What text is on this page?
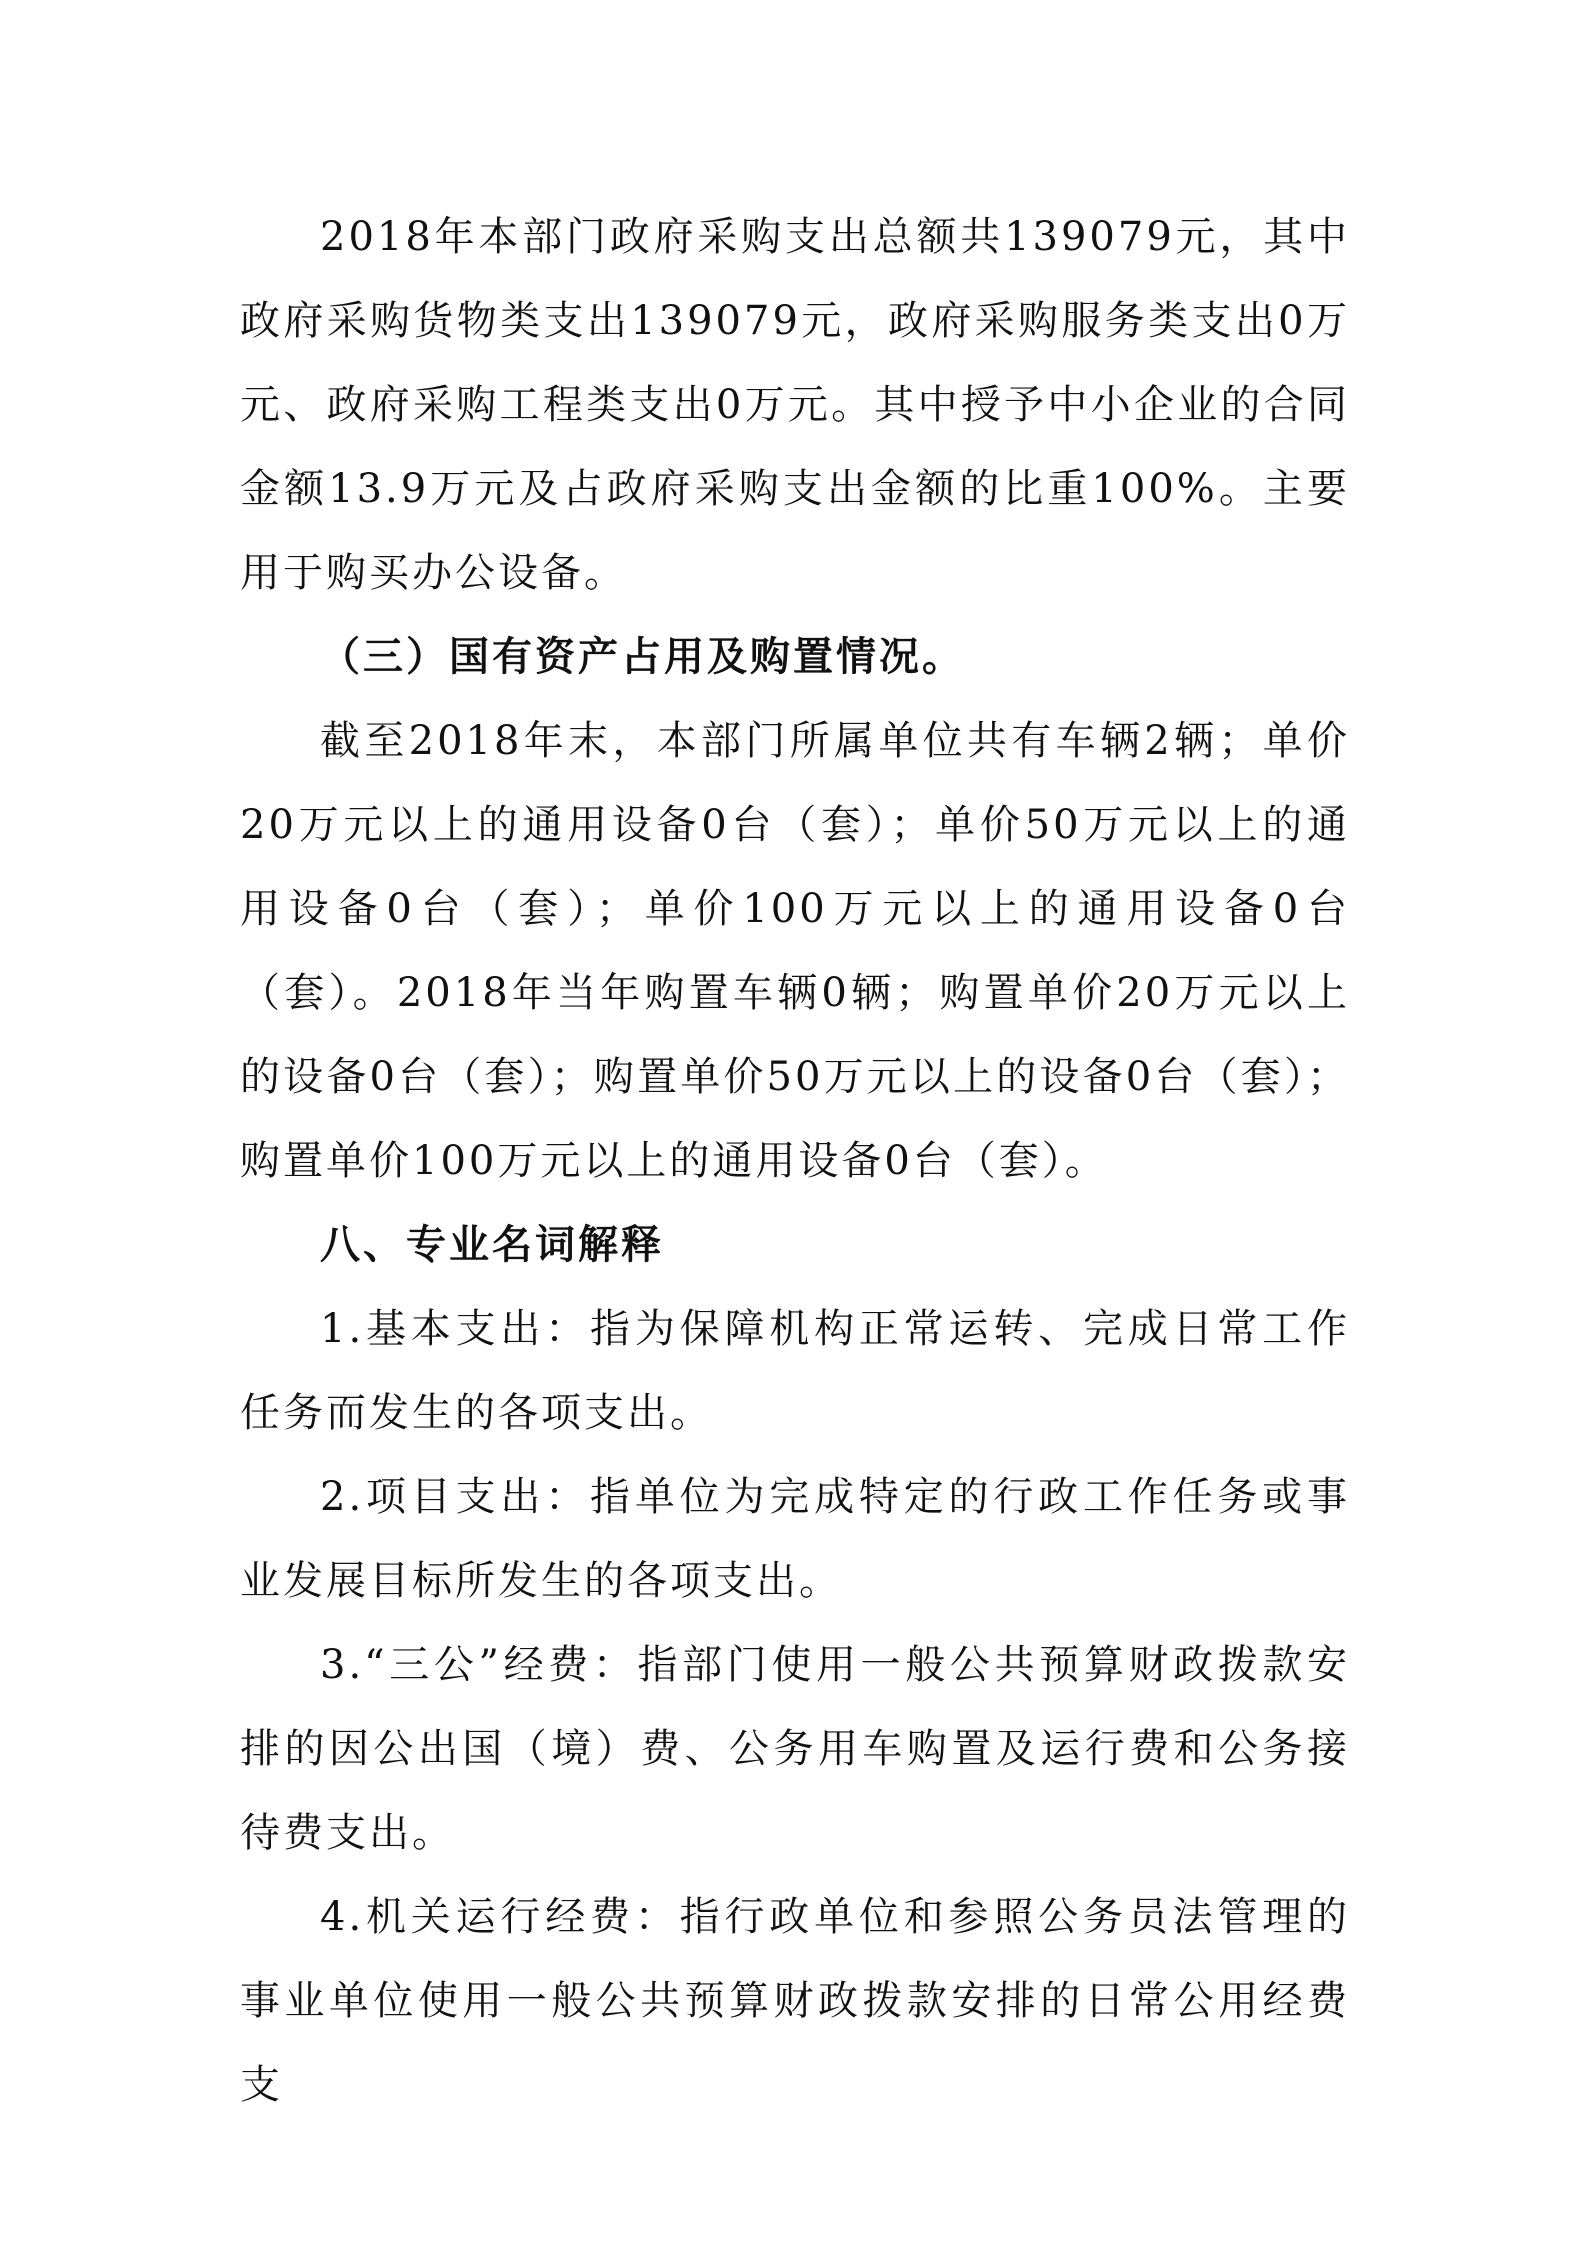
2018年本部门政府采购支出总额共139079元，其中政府采购货物类支出139079元，政府采购服务类支出0万元、政府采购工程类支出0万元。其中授予中小企业的合同金额13.9万元及占政府采购支出金额的比重100%。主要用于购买办公设备。

（三）国有资产占用及购置情况。

截至2018年末，本部门所属单位共有车辆2辆；单价20万元以上的通用设备0台（套）；单价50万元以上的通用设备0台（套）；单价100万元以上的通用设备0台（套）。2018年当年购置车辆0辆；购置单价20万元以上的设备0台（套）；购置单价50万元以上的设备0台（套）；购置单价100万元以上的通用设备0台（套）。

八、专业名词解释

1.基本支出：指为保障机构正常运转、完成日常工作任务而发生的各项支出。

2.项目支出：指单位为完成特定的行政工作任务或事业发展目标所发生的各项支出。

3.“三公”经费：指部门使用一般公共预算财政拨款安排的因公出国（境）费、公务用车购置及运行费和公务接待费支出。

4.机关运行经费：指行政单位和参照公务员法管理的事业单位使用一般公共预算财政拨款安排的日常公用经费支
